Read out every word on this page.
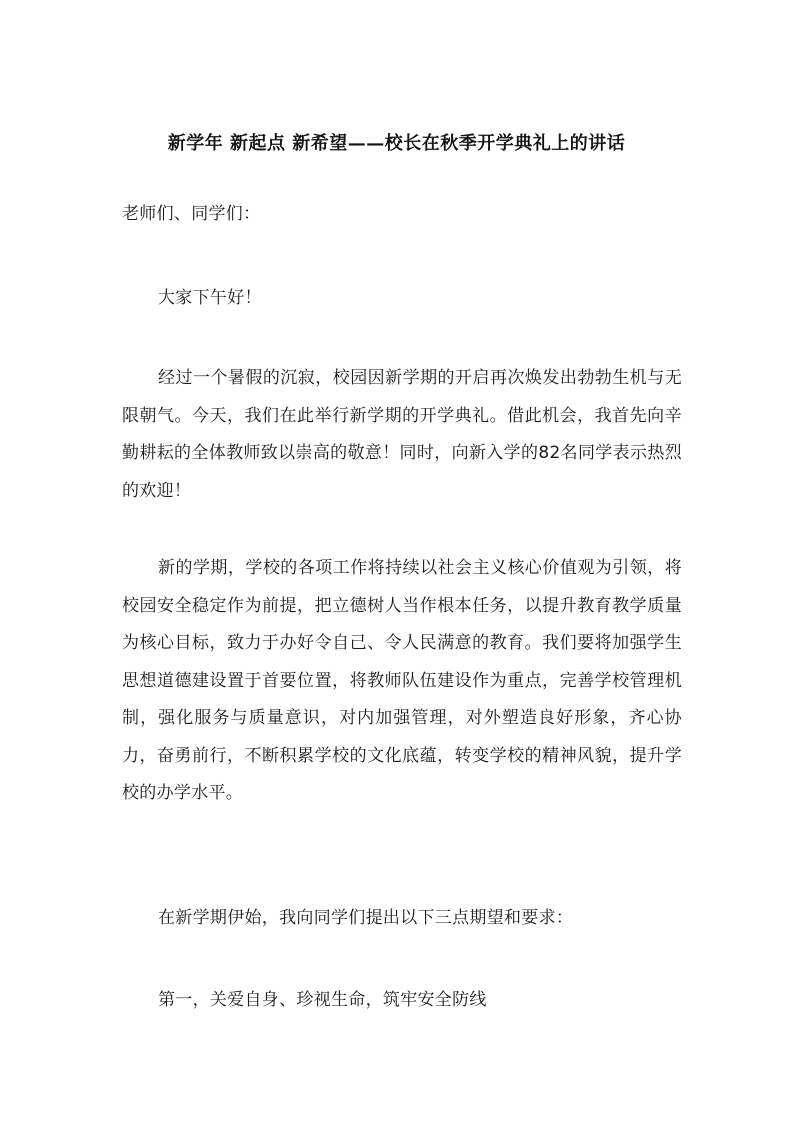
新学年 新起点 新希望——校长在秋季开学典礼上的讲话
老师们、同学们：

大家下午好！

经过一个暑假的沉寂，校园因新学期的开启再次焕发出勃勃生机与无限朝气。今天，我们在此举行新学期的开学典礼。借此机会，我首先向辛勤耕耘的全体教师致以崇高的敬意！同时，向新入学的82名同学表示热烈的欢迎！

新的学期，学校的各项工作将持续以社会主义核心价值观为引领，将校园安全稳定作为前提，把立德树人当作根本任务，以提升教育教学质量为核心目标，致力于办好令自己、令人民满意的教育。我们要将加强学生思想道德建设置于首要位置，将教师队伍建设作为重点，完善学校管理机制，强化服务与质量意识，对内加强管理，对外塑造良好形象，齐心协力，奋勇前行，不断积累学校的文化底蕴，转变学校的精神风貌，提升学校的办学水平。

在新学期伊始，我向同学们提出以下三点期望和要求：

第一，关爱自身、珍视生命，筑牢安全防线
